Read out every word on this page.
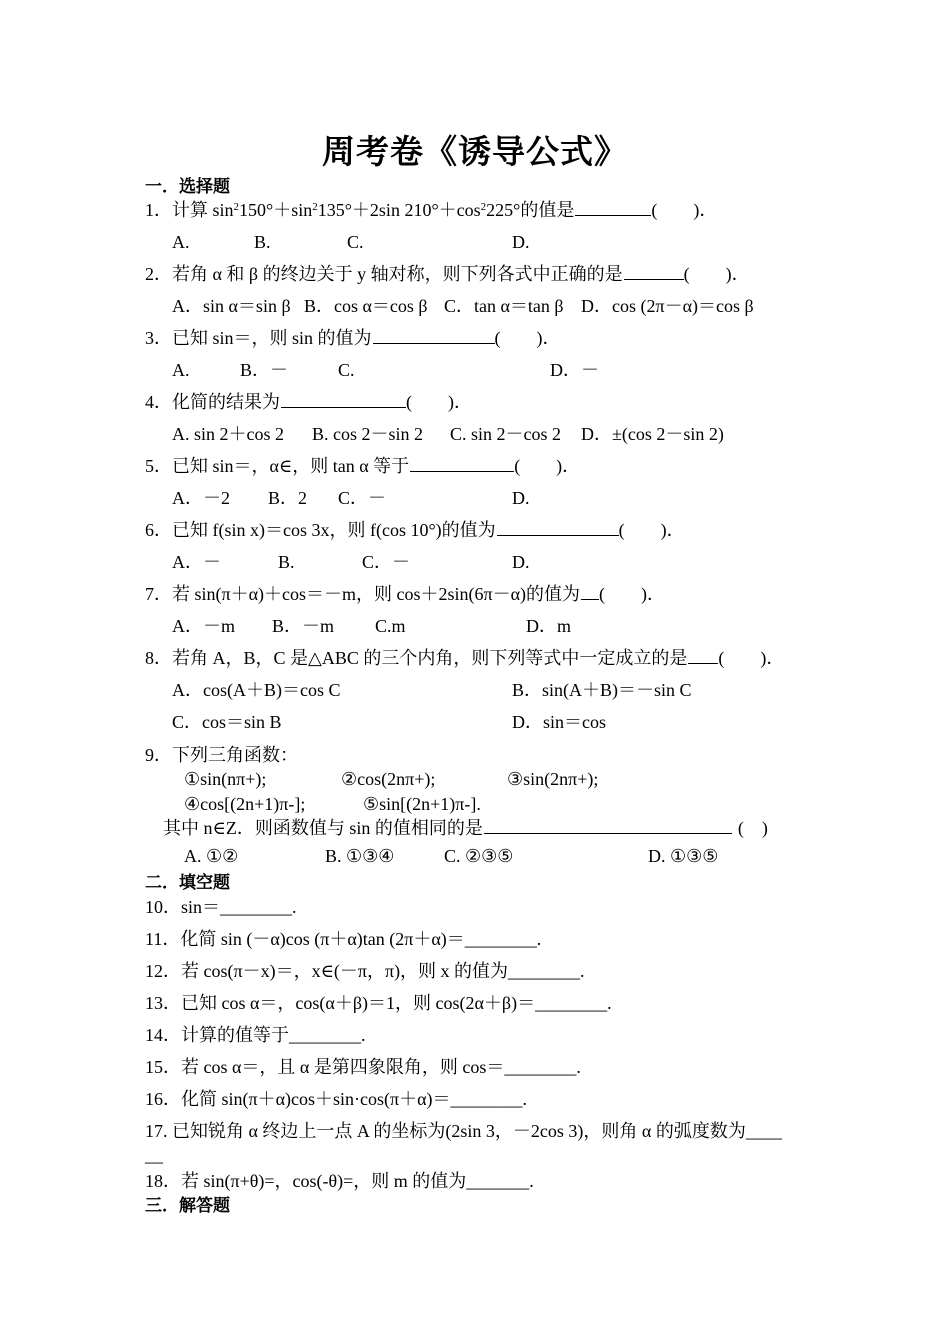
周考卷《诱导公式》
一．选择题
1．计算 $\sin^2150^\circ+\sin^2135^\circ+2\sin$ $210^\circ+\cos^2225^\circ$的值是	(　　)．
A.	B.	C.	D.
2．若角 α 和 β 的终边关于 y 轴对称，则下列各式中正确的是	(　　)．
A．sin α＝sin β B．cos α＝cos β C．tan α＝tan β D．cos (2π－α)＝cos β
3．已知 sin＝，则 sin 的值为	(　　)．
A.	B．－	C.	D．－
4．化简的结果为	(　　)．
A. sin 2＋cos 2 B. cos 2－sin 2 C. sin 2－cos 2 D．±(cos 2－sin 2)
5．已知 sin＝，α∈，则 tan α 等于	(　　)．
A．－2 B．2 C．－	D.
6．已知 f(sin x)＝cos 3x，则 f(cos 10°)的值为	(　　)．
A．－	B.	C．－	D.
7．若 sin(π＋α)＋cos＝－m，则 cos＋2sin(6π－α)的值为 (　　)．
A．－m B．－m C.m	D．m
8．若角 A，B，C 是△ABC 的三个内角，则下列等式中一定成立的是 (　　)．
A．cos(A＋B)＝cos C	B．sin(A＋B)＝－sin C
C．cos＝sin B	D．sin＝cos
9．下列三角函数：
①sin(nπ+);	②cos(2nπ+);	③sin(2nπ+);
④cos[(2n+1)π-];	⑤sin[(2n+1)π-].
其中 n∈Z．则函数值与 sin 的值相同的是	(　)
A. ①②	B. ①③④	C. ②③⑤	D. ①③⑤
二．填空题
10．sin＝________.
11．化简 sin (－α)cos (π＋α)tan (2π＋α)＝________.
12．若 cos(π－x)＝，x∈(－π，π)，则 x 的值为________.
13．已知 cos α＝，cos(α＋β)＝1，则 cos(2α＋β)＝________.
14．计算的值等于________.
15．若 cos α＝，且 α 是第四象限角，则 cos＝________.
16．化简 sin(π＋α)cos＋sin·cos(π＋α)＝________.
17. 已知锐角 α 终边上一点 A 的坐标为(2sin 3，－2cos 3)，则角 α 的弧度数为____
__
18．若 sin(π+θ)=，cos(-θ)=，则 m 的值为_______.
三．解答题
